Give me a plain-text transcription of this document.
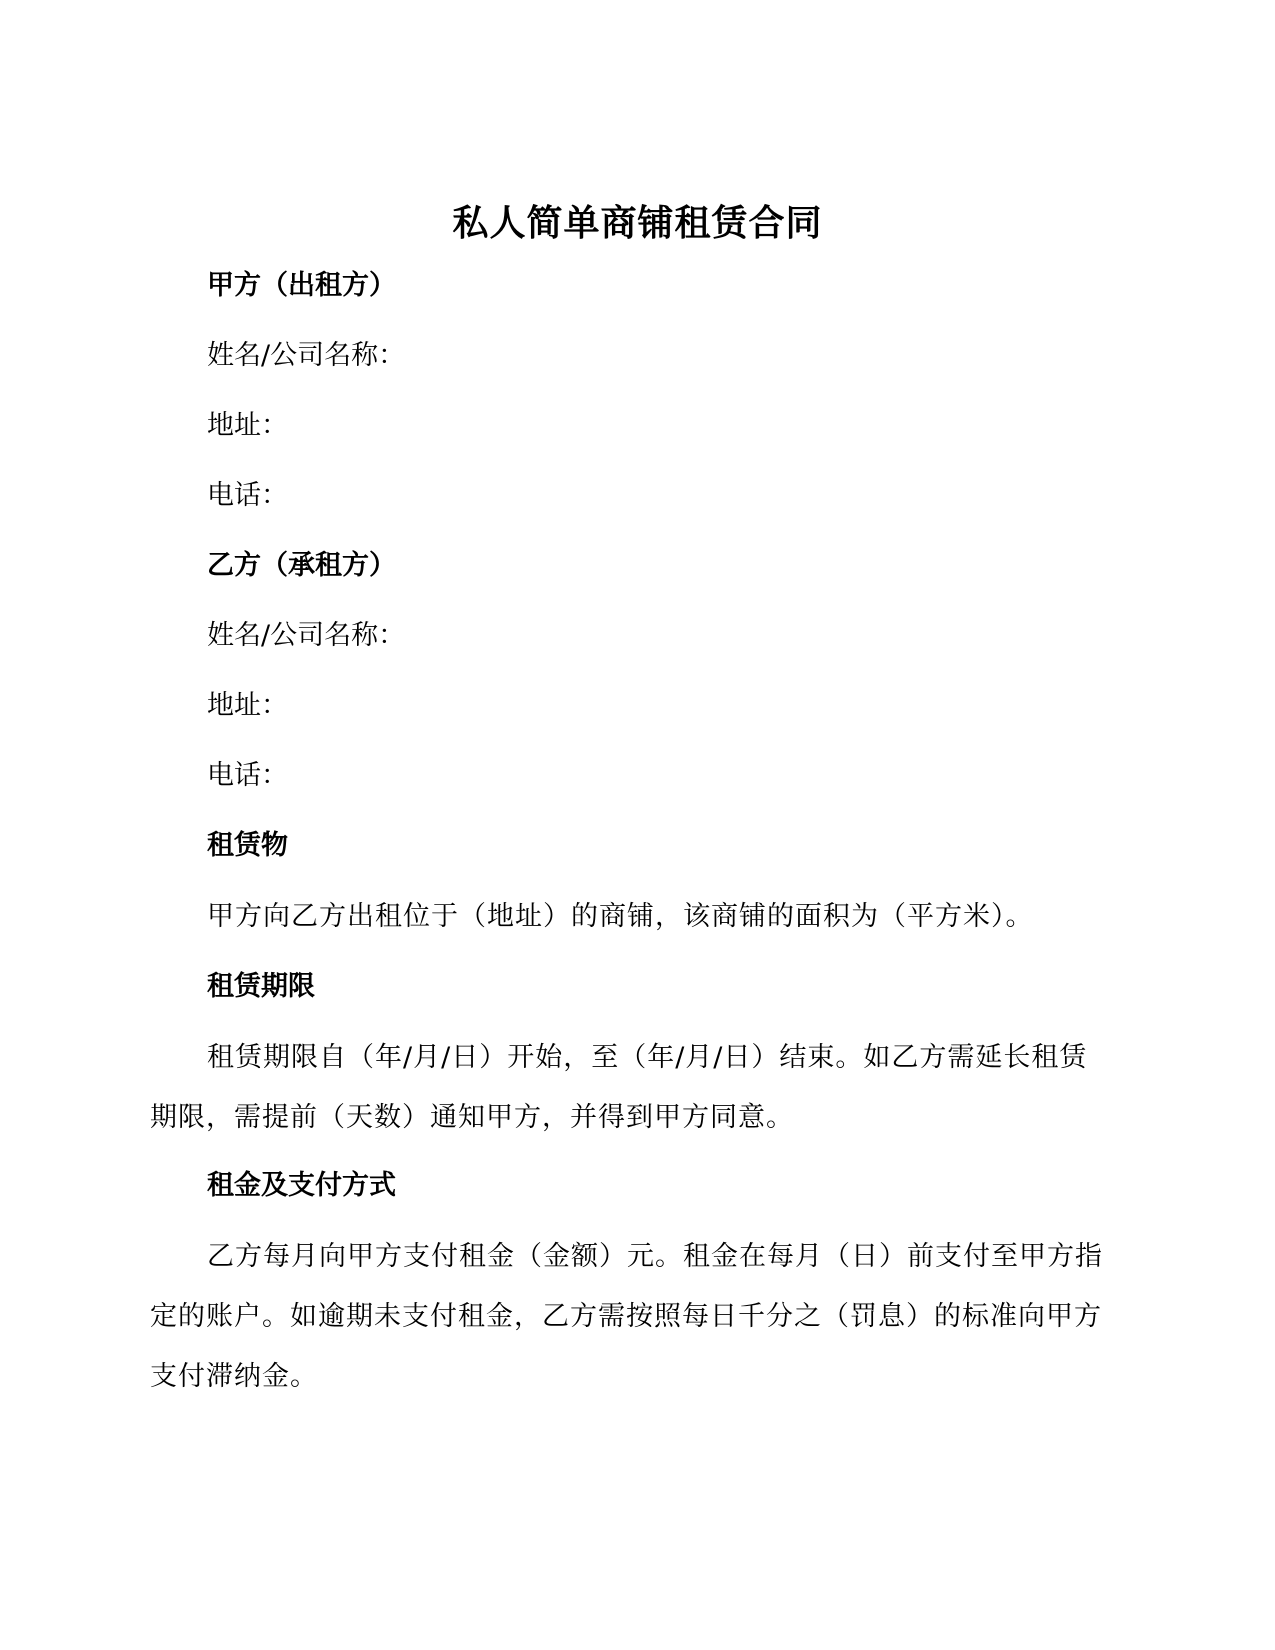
私人简单商铺租赁合同
甲方（出租方）
姓名/公司名称：
地址：
电话：
乙方（承租方）
姓名/公司名称：
地址：
电话：
租赁物
甲方向乙方出租位于（地址）的商铺，该商铺的面积为（平方米）。
租赁期限
租赁期限自（年/月/日）开始，至（年/月/日）结束。如乙方需延长租赁期限，需提前（天数）通知甲方，并得到甲方同意。
租金及支付方式
乙方每月向甲方支付租金（金额）元。租金在每月（日）前支付至甲方指定的账户。如逾期未支付租金，乙方需按照每日千分之（罚息）的标准向甲方支付滞纳金。
